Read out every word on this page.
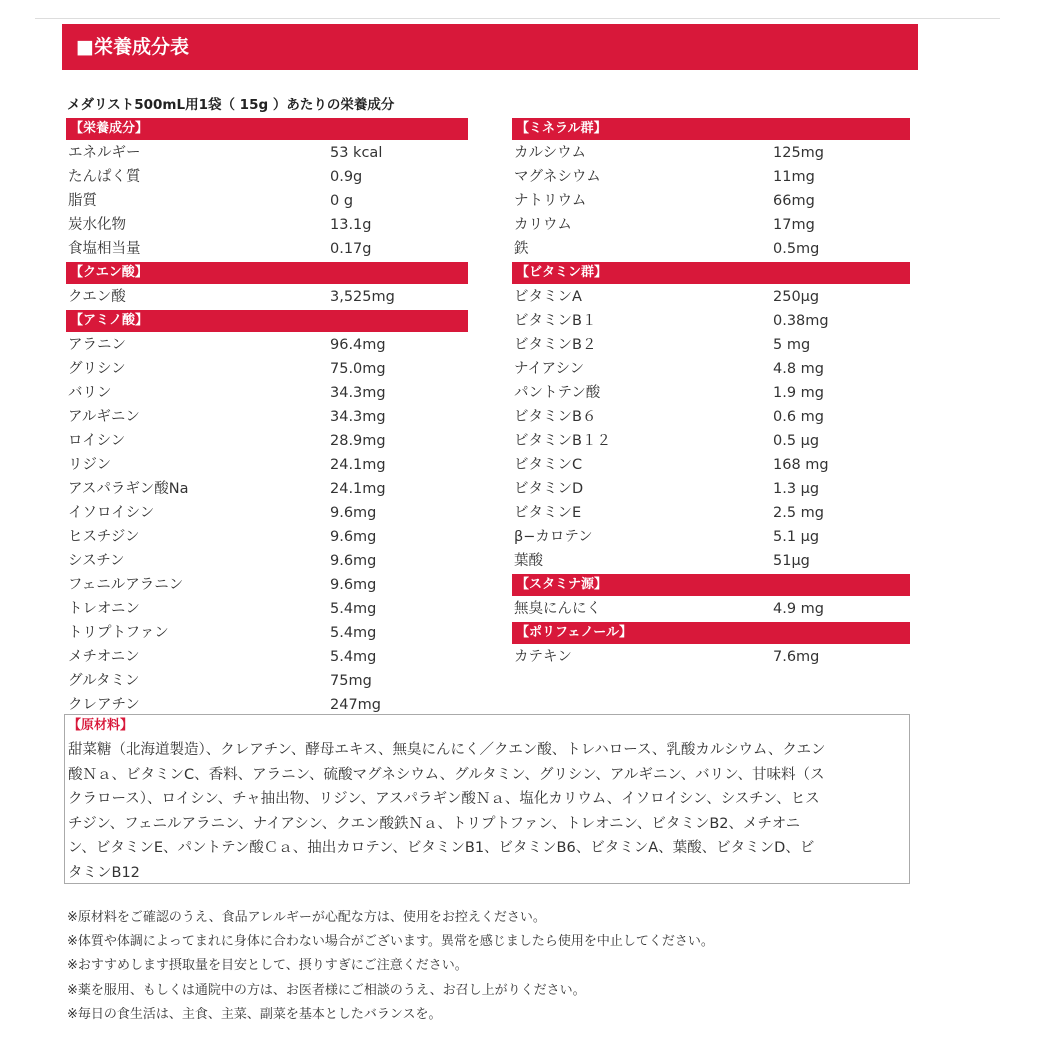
■栄養成分表
メダリスト500mL用1袋（ 15g ）あたりの栄養成分
【栄養成分】
エネルギー	53 kcal
たんぱく質	0.9g
脂質	0 g
炭水化物	13.1g
食塩相当量	0.17g
【クエン酸】
クエン酸	3,525mg
【アミノ酸】
アラニン	96.4mg
グリシン	75.0mg
バリン	34.3mg
アルギニン	34.3mg
ロイシン	28.9mg
リジン	24.1mg
アスパラギン酸Na	24.1mg
イソロイシン	9.6mg
ヒスチジン	9.6mg
シスチン	9.6mg
フェニルアラニン	9.6mg
トレオニン	5.4mg
トリプトファン	5.4mg
メチオニン	5.4mg
グルタミン	75mg
クレアチン	247mg
【ミネラル群】
カルシウム	125mg
マグネシウム	11mg
ナトリウム	66mg
カリウム	17mg
鉄	0.5mg
【ビタミン群】
ビタミンA	250μg
ビタミンB１	0.38mg
ビタミンB２	5 mg
ナイアシン	4.8 mg
パントテン酸	1.9 mg
ビタミンB６	0.6 mg
ビタミンB１２	0.5 μg
ビタミンC	168 mg
ビタミンD	1.3 μg
ビタミンE	2.5 mg
β−カロテン	5.1 μg
葉酸	51μg
【スタミナ源】
無臭にんにく	4.9 mg
【ポリフェノール】
カテキン	7.6mg
【原材料】
甜菜糖（北海道製造）、クレアチン、酵母エキス、無臭にんにく／クエン酸、トレハロース、乳酸カルシウム、クエン
酸Ｎａ、ビタミンC、香料、アラニン、硫酸マグネシウム、グルタミン、グリシン、アルギニン、バリン、甘味料（ス
クラロース）、ロイシン、チャ抽出物、リジン、アスパラギン酸Ｎａ、塩化カリウム、イソロイシン、シスチン、ヒス
チジン、フェニルアラニン、ナイアシン、クエン酸鉄Ｎａ、トリプトファン、トレオニン、ビタミンB2、メチオニ
ン、ビタミンE、パントテン酸Ｃａ、抽出カロテン、ビタミンB1、ビタミンB6、ビタミンA、葉酸、ビタミンD、ビ
タミンB12
※原材料をご確認のうえ、食品アレルギーが心配な方は、使用をお控えください。
※体質や体調によってまれに身体に合わない場合がございます。異常を感じましたら使用を中止してください。
※おすすめします摂取量を目安として、摂りすぎにご注意ください。
※薬を服用、もしくは通院中の方は、お医者様にご相談のうえ、お召し上がりください。
※毎日の食生活は、主食、主菜、副菜を基本としたバランスを。
